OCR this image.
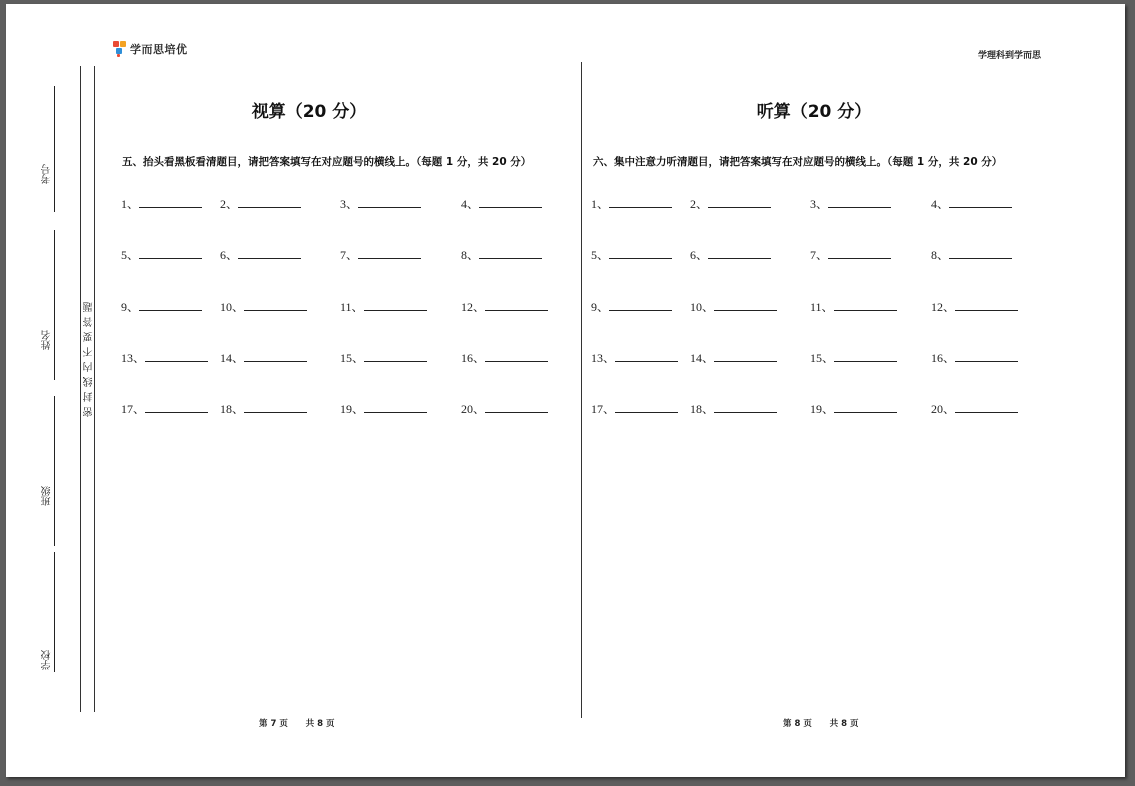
学而思培优	学理科到学而思
考号
姓名
班级
学校
密封线内不要答题
视算（20 分）
五、抬头看黑板看清题目，请把答案填写在对应题号的横线上。（每题 1 分，共 20 分）
1、	2、	3、	4、
5、	6、	7、	8、
9、	10、	11、	12、
13、	14、	15、	16、
17、	18、	19、	20、
第 7 页 共 8 页
听算（20 分）
六、集中注意力听清题目，请把答案填写在对应题号的横线上。（每题 1 分，共 20 分）
1、	2、	3、	4、
5、	6、	7、	8、
9、	10、	11、	12、
13、	14、	15、	16、
17、	18、	19、	20、
第 8 页 共 8 页
